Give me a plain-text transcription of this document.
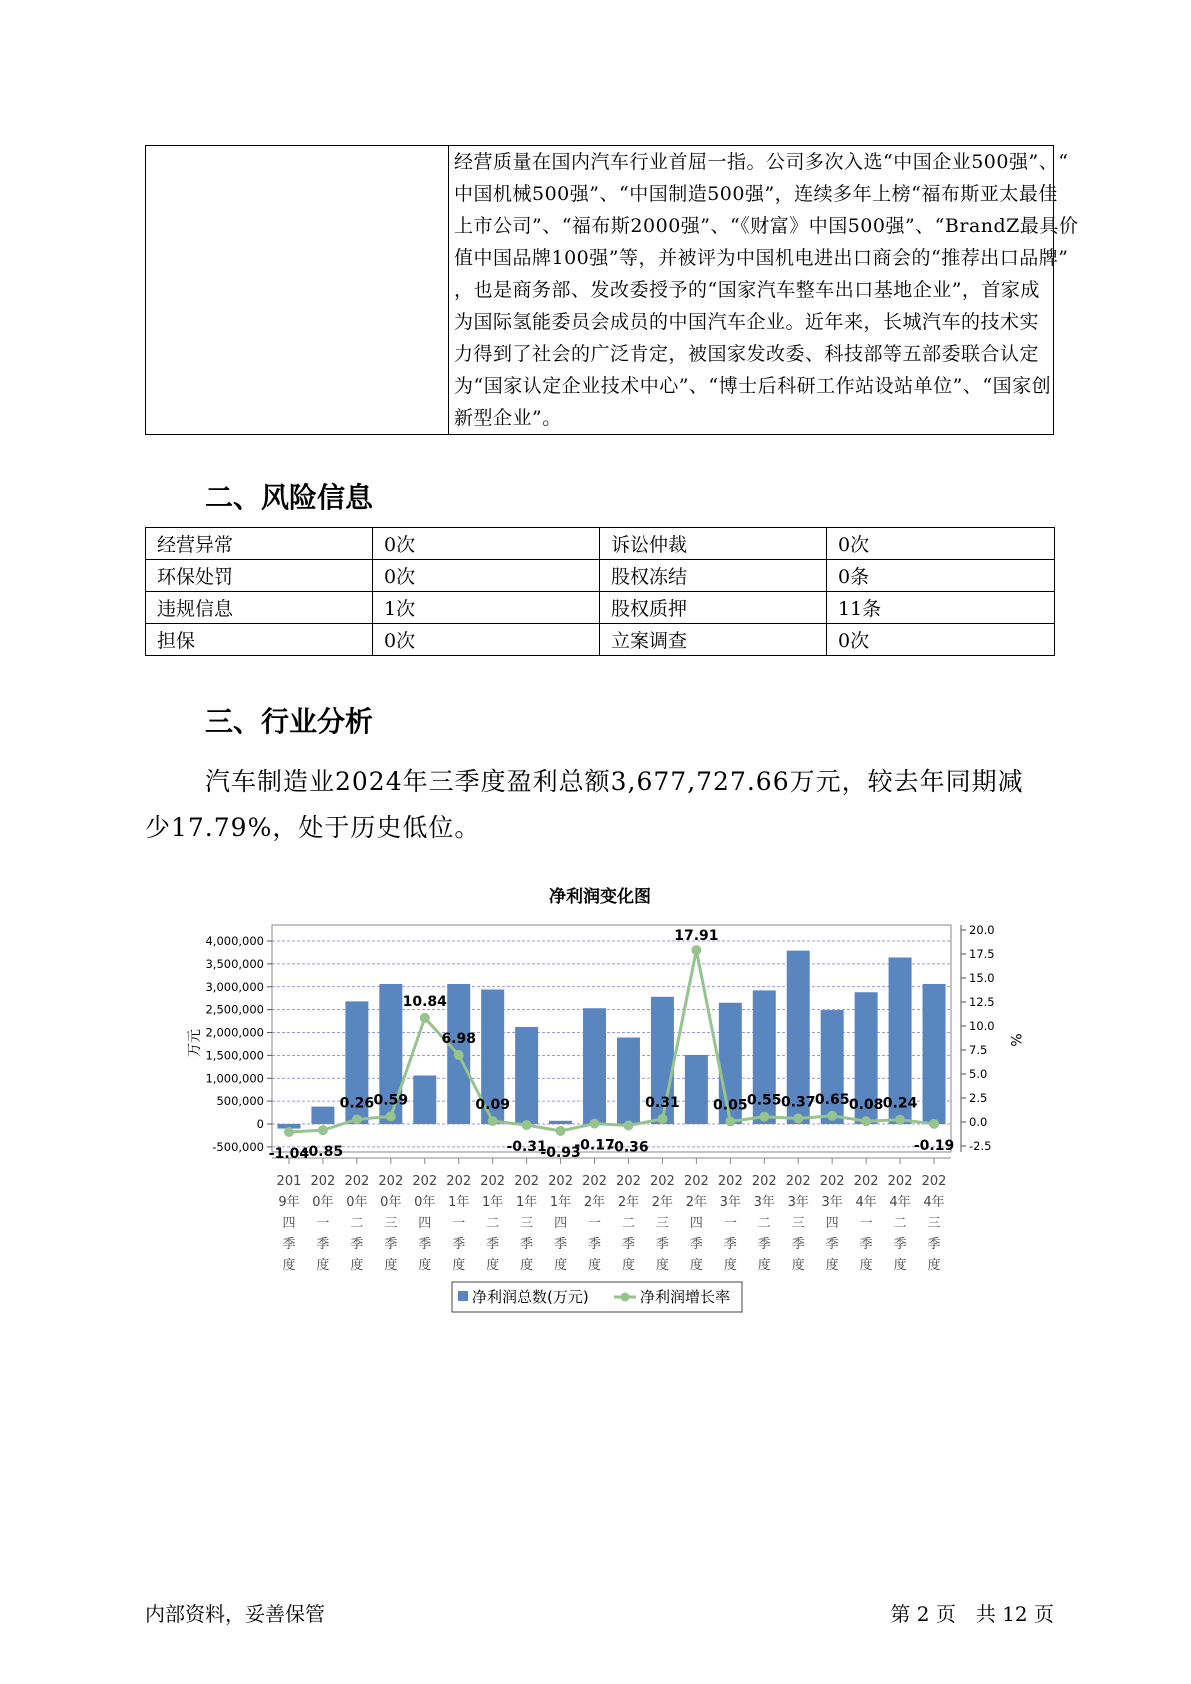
经营质量在国内汽车行业首屈一指。公司多次入选“中国企业500强”、“
中国机械500强”、“中国制造500强”，连续多年上榜“福布斯亚太最佳
上市公司”、“福布斯2000强”、“《财富》中国500强”、“BrandZ最具价
值中国品牌100强”等，并被评为中国机电进出口商会的“推荐出口品牌”
，也是商务部、发改委授予的“国家汽车整车出口基地企业”，首家成
为国际氢能委员会成员的中国汽车企业。近年来，长城汽车的技术实
力得到了社会的广泛肯定，被国家发改委、科技部等五部委联合认定
为“国家认定企业技术中心”、“博士后科研工作站设站单位”、“国家创
新型企业”。
二、风险信息
经营异常	0次	诉讼仲裁	0次
环保处罚	0次	股权冻结	0条
违规信息	1次	股权质押	11条
担保	0次	立案调查	0次
三、行业分析
汽车制造业2024年三季度盈利总额3,677,727.66万元，较去年同期减
少17.79%，处于历史低位。
净利润变化图
4,000,000
3,500,000
3,000,000
2,500,000
2,000,000
1,500,000
1,000,000
500,000
0
-500,000
20.0
17.5
15.0
12.5
10.0
7.5
5.0
2.5
0.0
-2.5
万元	%
201
9年
四
季
度
202
0年
一
季
度
202
0年
二
季
度
202
0年
三
季
度
202
0年
四
季
度
202
1年
一
季
度
202
1年
二
季
度
202
1年
三
季
度
202
1年
四
季
度
202
2年
一
季
度
202
2年
二
季
度
202
2年
三
季
度
202
2年
四
季
度
202
3年
一
季
度
202
3年
二
季
度
202
3年
三
季
度
202
3年
四
季
度
202
4年
一
季
度
202
4年
二
季
度
202
4年
三
季
度
-1.04
-0.85
0.26 0.59
10.84
6.98
0.09
-0.31
-0.93
-0.17
-0.36
0.31
17.91
0.05 0.55 0.37 0.65 0.08 0.24
-0.19
净利润总数(万元)	净利润增长率
内部资料，妥善保管	第 2 页　共 12 页
